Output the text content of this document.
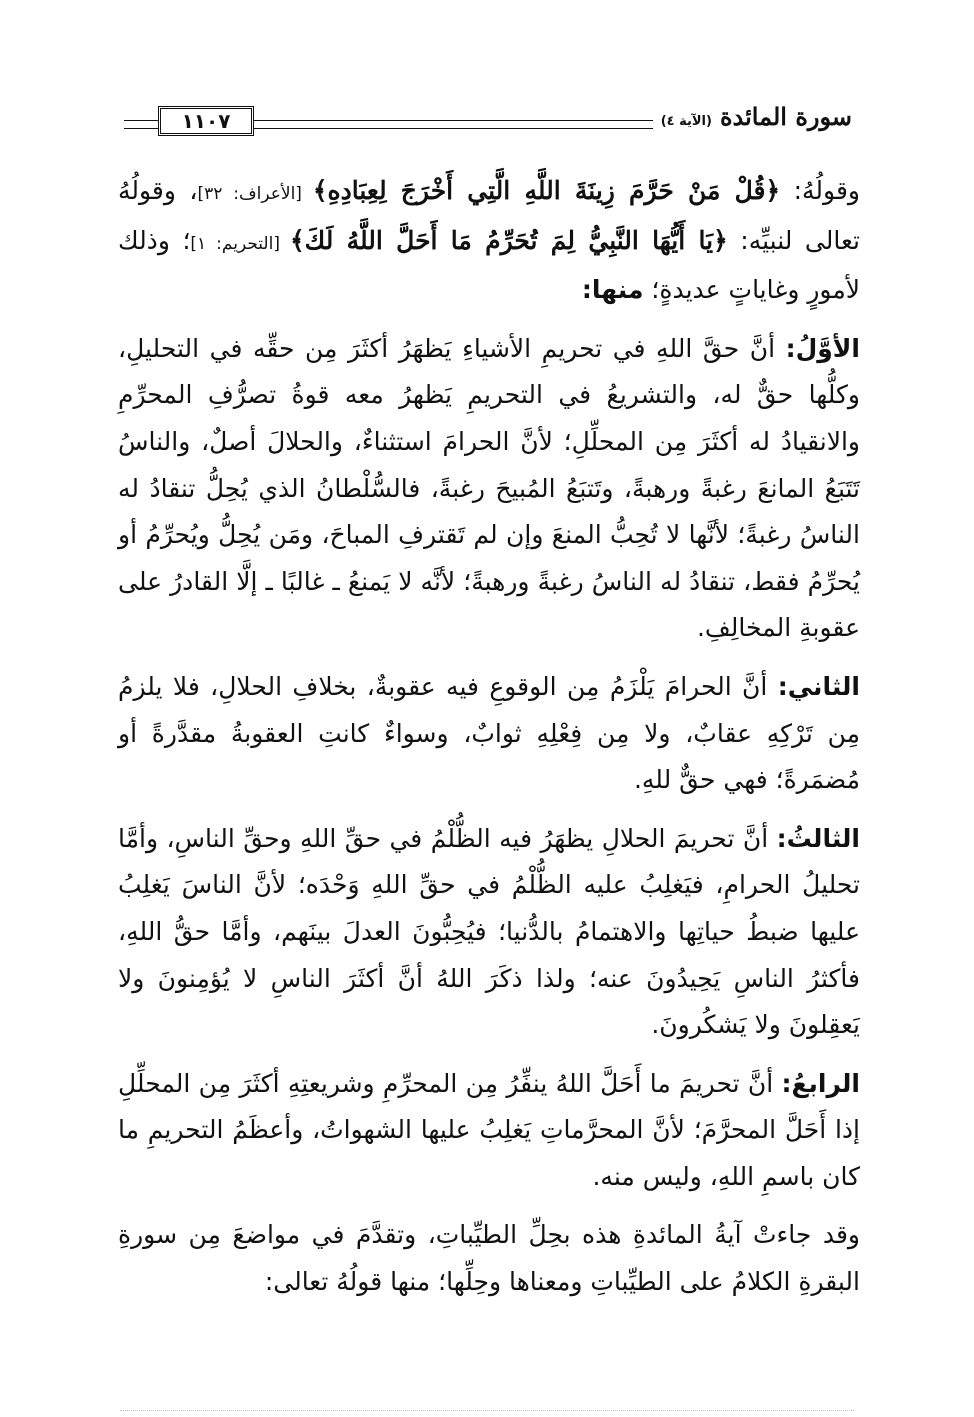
١١٠٧	سورة المائدة
(الآية ٤)

وقولُهُ: ﴿قُلْ مَنْ حَرَّمَ زِينَةَ اللَّهِ الَّتِي أَخْرَجَ لِعِبَادِهِ﴾ [الأعراف: ٣٢]، وقولُهُ تعالى لنبيِّه: ﴿يَا أَيُّهَا النَّبِيُّ لِمَ تُحَرِّمُ مَا أَحَلَّ اللَّهُ لَكَ﴾ [التحريم: ١]؛ وذلك لأمورٍ وغاياتٍ عديدةٍ؛ منها:

الأوَّلُ: أنَّ حقَّ اللهِ في تحريمِ الأشياءِ يَظهَرُ أكثَرَ مِن حقِّه في التحليلِ، وكلُّها حقٌّ له، والتشريعُ في التحريمِ يَظهرُ معه قوةُ تصرُّفِ المحرِّمِ والانقيادُ له أكثَرَ مِن المحلِّلِ؛ لأنَّ الحرامَ استثناءٌ، والحلالَ أصلٌ، والناسُ تَتَبَعُ المانعَ رغبةً ورهبةً، وتَتبَعُ المُبيحَ رغبةً، فالسُّلْطانُ الذي يُحِلُّ تنقادُ له الناسُ رغبةً؛ لأنَّها لا تُحِبُّ المنعَ وإن لم تَقترفِ المباحَ، ومَن يُحِلُّ ويُحرِّمُ أو يُحرِّمُ فقط، تنقادُ له الناسُ رغبةً ورهبةً؛ لأنَّه لا يَمنعُ ـ غالبًا ـ إلَّا القادرُ على عقوبةِ المخالِفِ.

الثاني: أنَّ الحرامَ يَلْزَمُ مِن الوقوعِ فيه عقوبةٌ، بخلافِ الحلالِ، فلا يلزمُ مِن تَرْكِهِ عقابٌ، ولا مِن فِعْلِهِ ثوابٌ، وسواءٌ كانتِ العقوبةُ مقدَّرةً أو مُضمَرةً؛ فهي حقٌّ للهِ.

الثالثُ: أنَّ تحريمَ الحلالِ يظهَرُ فيه الظُّلْمُ في حقِّ اللهِ وحقِّ الناسِ، وأمَّا تحليلُ الحرامِ، فيَغلِبُ عليه الظُّلْمُ في حقِّ اللهِ وَحْدَه؛ لأنَّ الناسَ يَغلِبُ عليها ضبطُ حياتِها والاهتمامُ بالدُّنيا؛ فيُحِبُّونَ العدلَ بينَهم، وأمَّا حقُّ اللهِ، فأكثرُ الناسِ يَحِيدُونَ عنه؛ ولذا ذكَرَ اللهُ أنَّ أكثَرَ الناسِ لا يُؤمِنونَ ولا يَعقِلونَ ولا يَشكُرونَ.

الرابعُ: أنَّ تحريمَ ما أَحَلَّ اللهُ ينفِّرُ مِن المحرِّمِ وشريعتِهِ أكثَرَ مِن المحلِّلِ إذا أَحَلَّ المحرَّمَ؛ لأنَّ المحرَّماتِ يَغلِبُ عليها الشهواتُ، وأعظَمُ التحريمِ ما كان باسمِ اللهِ، وليس منه.

وقد جاءتْ آيةُ المائدةِ هذه بحِلِّ الطيِّباتِ، وتقدَّمَ في مواضعَ مِن سورةِ البقرةِ الكلامُ على الطيِّباتِ ومعناها وحِلِّها؛ منها قولُهُ تعالى:
